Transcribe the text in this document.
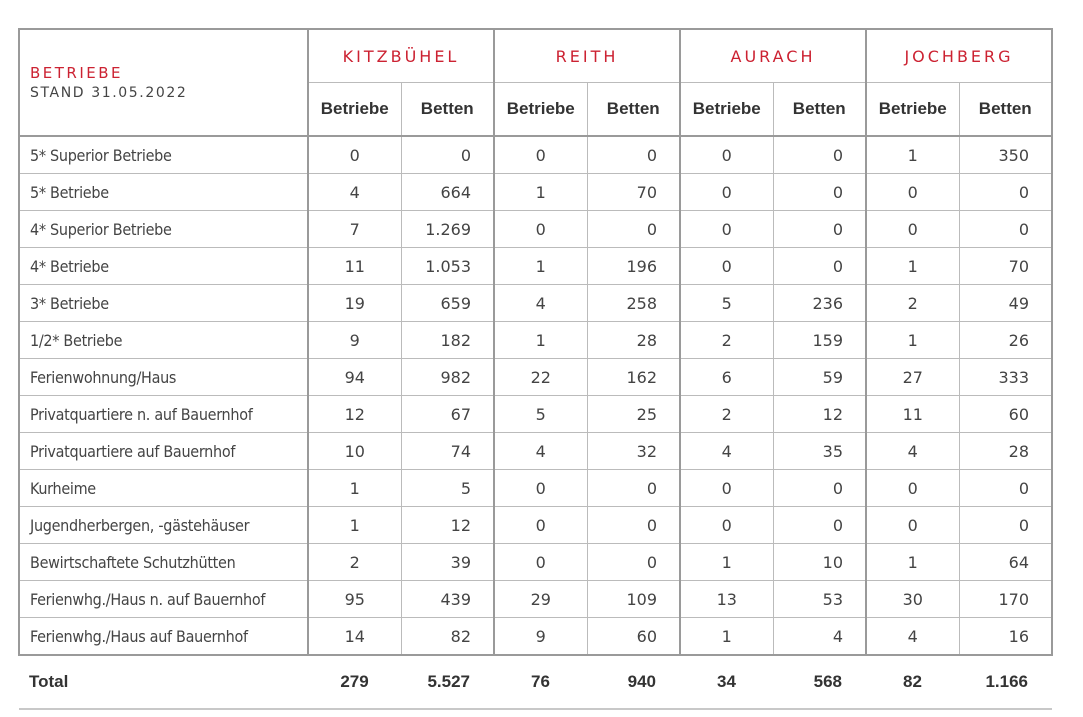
BETRIEBE
STAND 31.05.2022	KITZBÜHEL		REITH		AURACH		JOCHBERG	
	Betriebe	Betten	Betriebe	Betten	Betriebe	Betten	Betriebe	Betten
5* Superior Betriebe	0	0	0	0	0	0	1	350
5* Betriebe	4	664	1	70	0	0	0	0
4* Superior Betriebe	7	1.269	0	0	0	0	0	0
4* Betriebe	11	1.053	1	196	0	0	1	70
3* Betriebe	19	659	4	258	5	236	2	49
1/2* Betriebe	9	182	1	28	2	159	1	26
Ferienwohnung/Haus	94	982	22	162	6	59	27	333
Privatquartiere n. auf Bauernhof	12	67	5	25	2	12	11	60
Privatquartiere auf Bauernhof	10	74	4	32	4	35	4	28
Kurheime	1	5	0	0	0	0	0	0
Jugendherbergen, -gästehäuser	1	12	0	0	0	0	0	0
Bewirtschaftete Schutzhütten	2	39	0	0	1	10	1	64
Ferienwhg./Haus n. auf Bauernhof	95	439	29	109	13	53	30	170
Ferienwhg./Haus auf Bauernhof	14	82	9	60	1	4	4	16
Total	279	5.527	76	940	34	568	82	1.166
